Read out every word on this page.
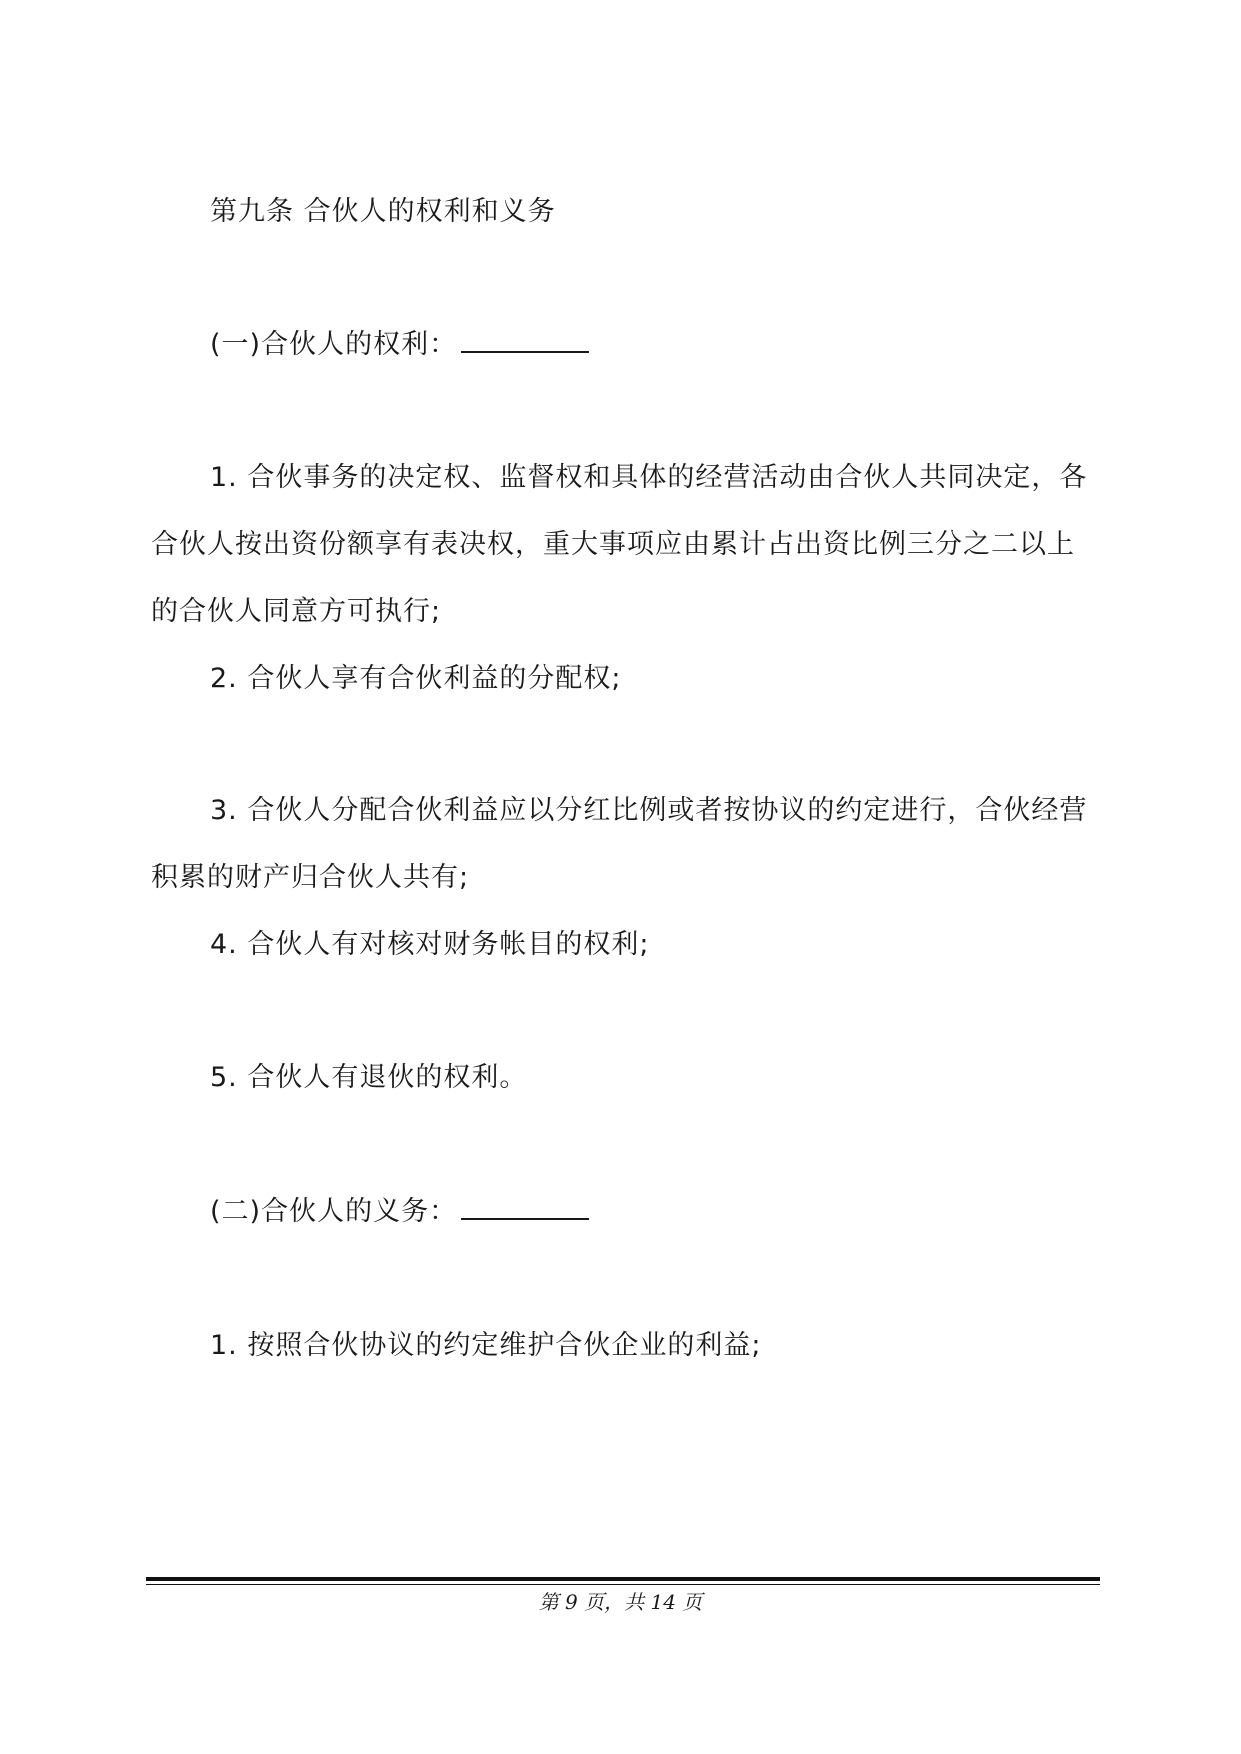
第九条 合伙人的权利和义务

(一)合伙人的权利：

1. 合伙事务的决定权、监督权和具体的经营活动由合伙人共同决定，各合伙人按出资份额享有表决权，重大事项应由累计占出资比例三分之二以上的合伙人同意方可执行;

2. 合伙人享有合伙利益的分配权;

3. 合伙人分配合伙利益应以分红比例或者按协议的约定进行，合伙经营积累的财产归合伙人共有;

4. 合伙人有对核对财务帐目的权利;

5. 合伙人有退伙的权利。

(二)合伙人的义务：

1. 按照合伙协议的约定维护合伙企业的利益;

第 9 页，共 14 页
